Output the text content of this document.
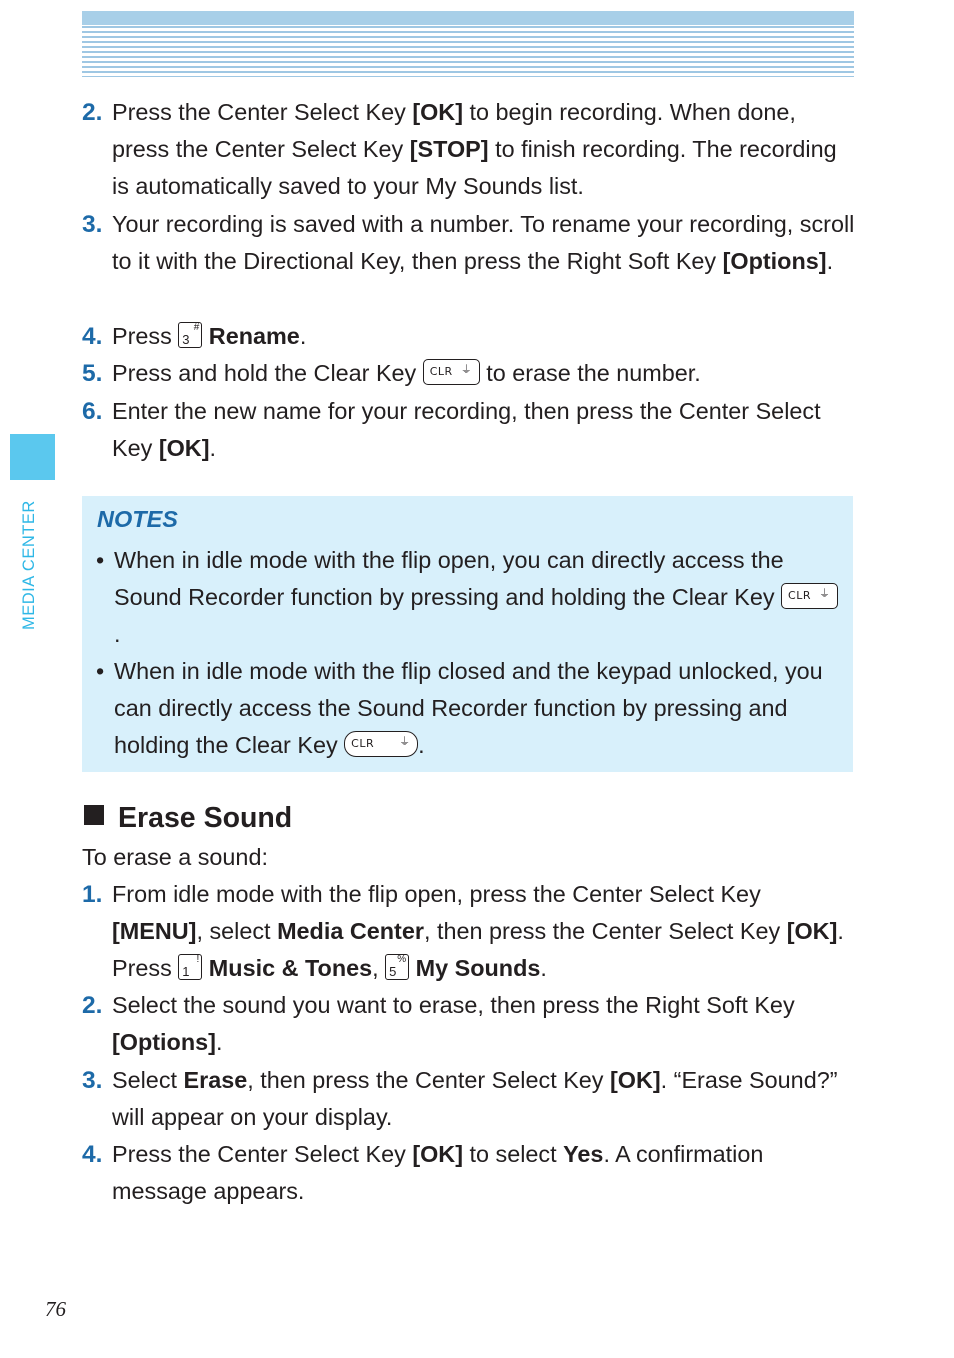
MEDIA CENTER
2. Press the Center Select Key [OK] to begin recording. When done, press the Center Select Key [STOP] to finish recording. The recording is automatically saved to your My Sounds list.
3. Your recording is saved with a number. To rename your recording, scroll to it with the Directional Key, then press the Right Soft Key [Options].
4. Press 3
# Rename.
5. Press and hold the Clear Key CLR ⏚ to erase the number.
6. Enter the new name for your recording, then press the Center Select Key [OK].
NOTES
• When in idle mode with the flip open, you can directly access the Sound Recorder function by pressing and holding the Clear Key CLR ⏚
.
• When in idle mode with the flip closed and the keypad unlocked, you can directly access the Sound Recorder function by pressing and holding the Clear Key CLR ⏚ .
Erase Sound
To erase a sound:
1. From idle mode with the flip open, press the Center Select Key [MENU], select Media Center, then press the Center Select Key [OK]. Press 1
! Music & Tones, 5
% My Sounds.
2. Select the sound you want to erase, then press the Right Soft Key [Options].
3. Select Erase, then press the Center Select Key [OK]. “Erase Sound?” will appear on your display.
4. Press the Center Select Key [OK] to select Yes. A confirmation message appears.
76
